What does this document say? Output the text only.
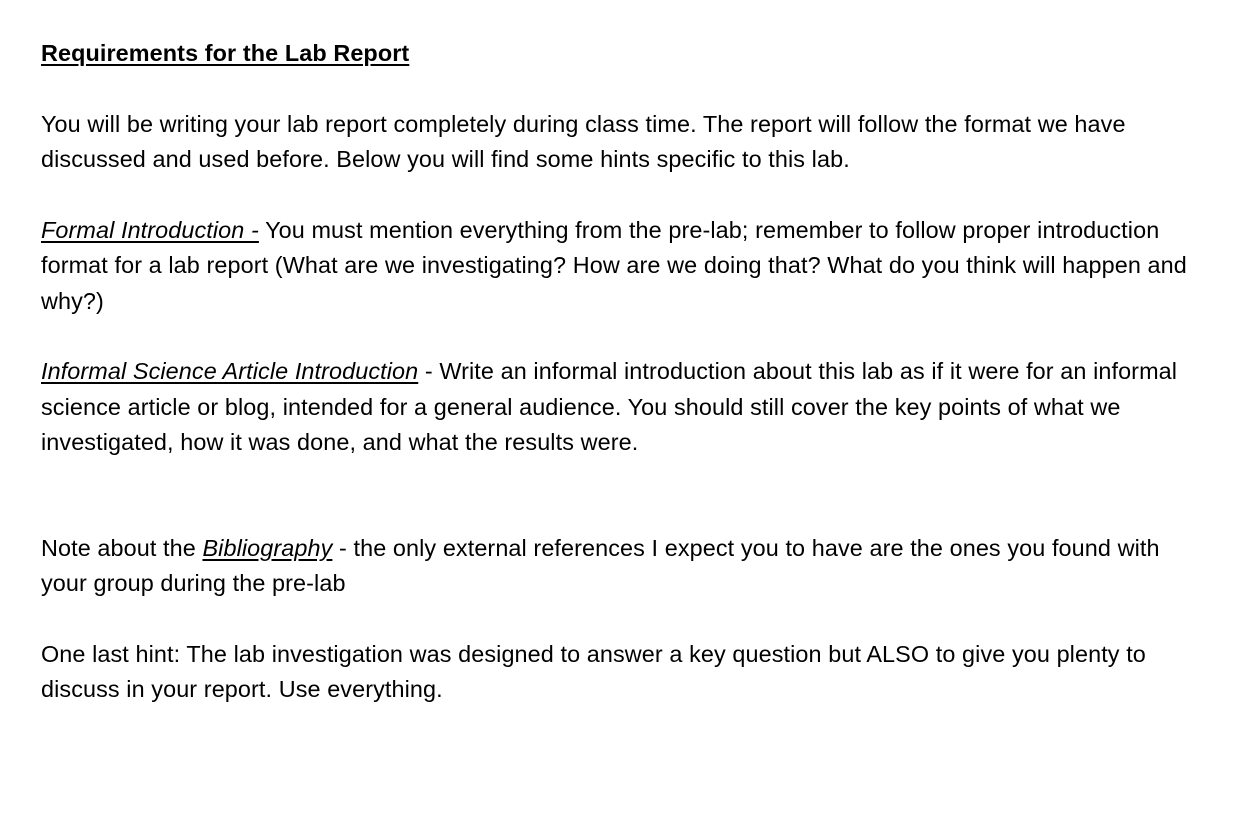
Requirements for the Lab Report

You will be writing your lab report completely during class time. The report will follow the format we have discussed and used before. Below you will find some hints specific to this lab.

Formal Introduction - You must mention everything from the pre-lab; remember to follow proper introduction format for a lab report (What are we investigating? How are we doing that? What do you think will happen and why?)

Informal Science Article Introduction - Write an informal introduction about this lab as if it were for an informal science article or blog, intended for a general audience. You should still cover the key points of what we investigated, how it was done, and what the results were.

Note about the Bibliography - the only external references I expect you to have are the ones you found with your group during the pre-lab

One last hint: The lab investigation was designed to answer a key question but ALSO to give you plenty to discuss in your report. Use everything.
